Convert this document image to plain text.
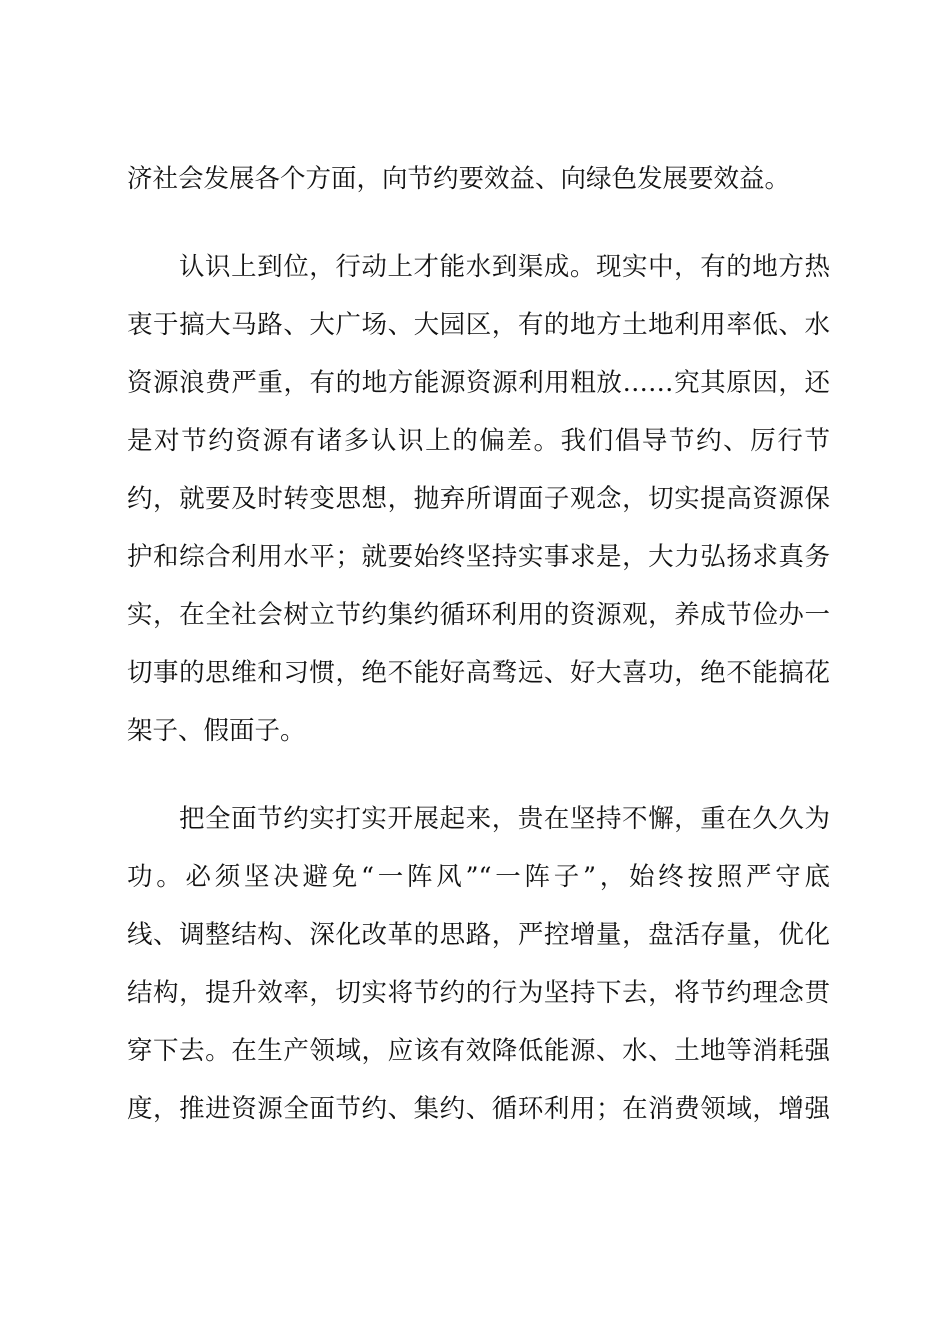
济社会发展各个方面，向节约要效益、向绿色发展要效益。
认识上到位，行动上才能水到渠成。现实中，有的地方热
衷于搞大马路、大广场、大园区，有的地方土地利用率低、水
资源浪费严重，有的地方能源资源利用粗放……究其原因，还
是对节约资源有诸多认识上的偏差。我们倡导节约、厉行节
约，就要及时转变思想，抛弃所谓面子观念，切实提高资源保
护和综合利用水平；就要始终坚持实事求是，大力弘扬求真务
实，在全社会树立节约集约循环利用的资源观，养成节俭办一
切事的思维和习惯，绝不能好高骛远、好大喜功，绝不能搞花
架子、假面子。
把全面节约实打实开展起来，贵在坚持不懈，重在久久为
功。必须坚决避免“一阵风”“一阵子”，始终按照严守底
线、调整结构、深化改革的思路，严控增量，盘活存量，优化
结构，提升效率，切实将节约的行为坚持下去，将节约理念贯
穿下去。在生产领域，应该有效降低能源、水、土地等消耗强
度，推进资源全面节约、集约、循环利用；在消费领域，增强
